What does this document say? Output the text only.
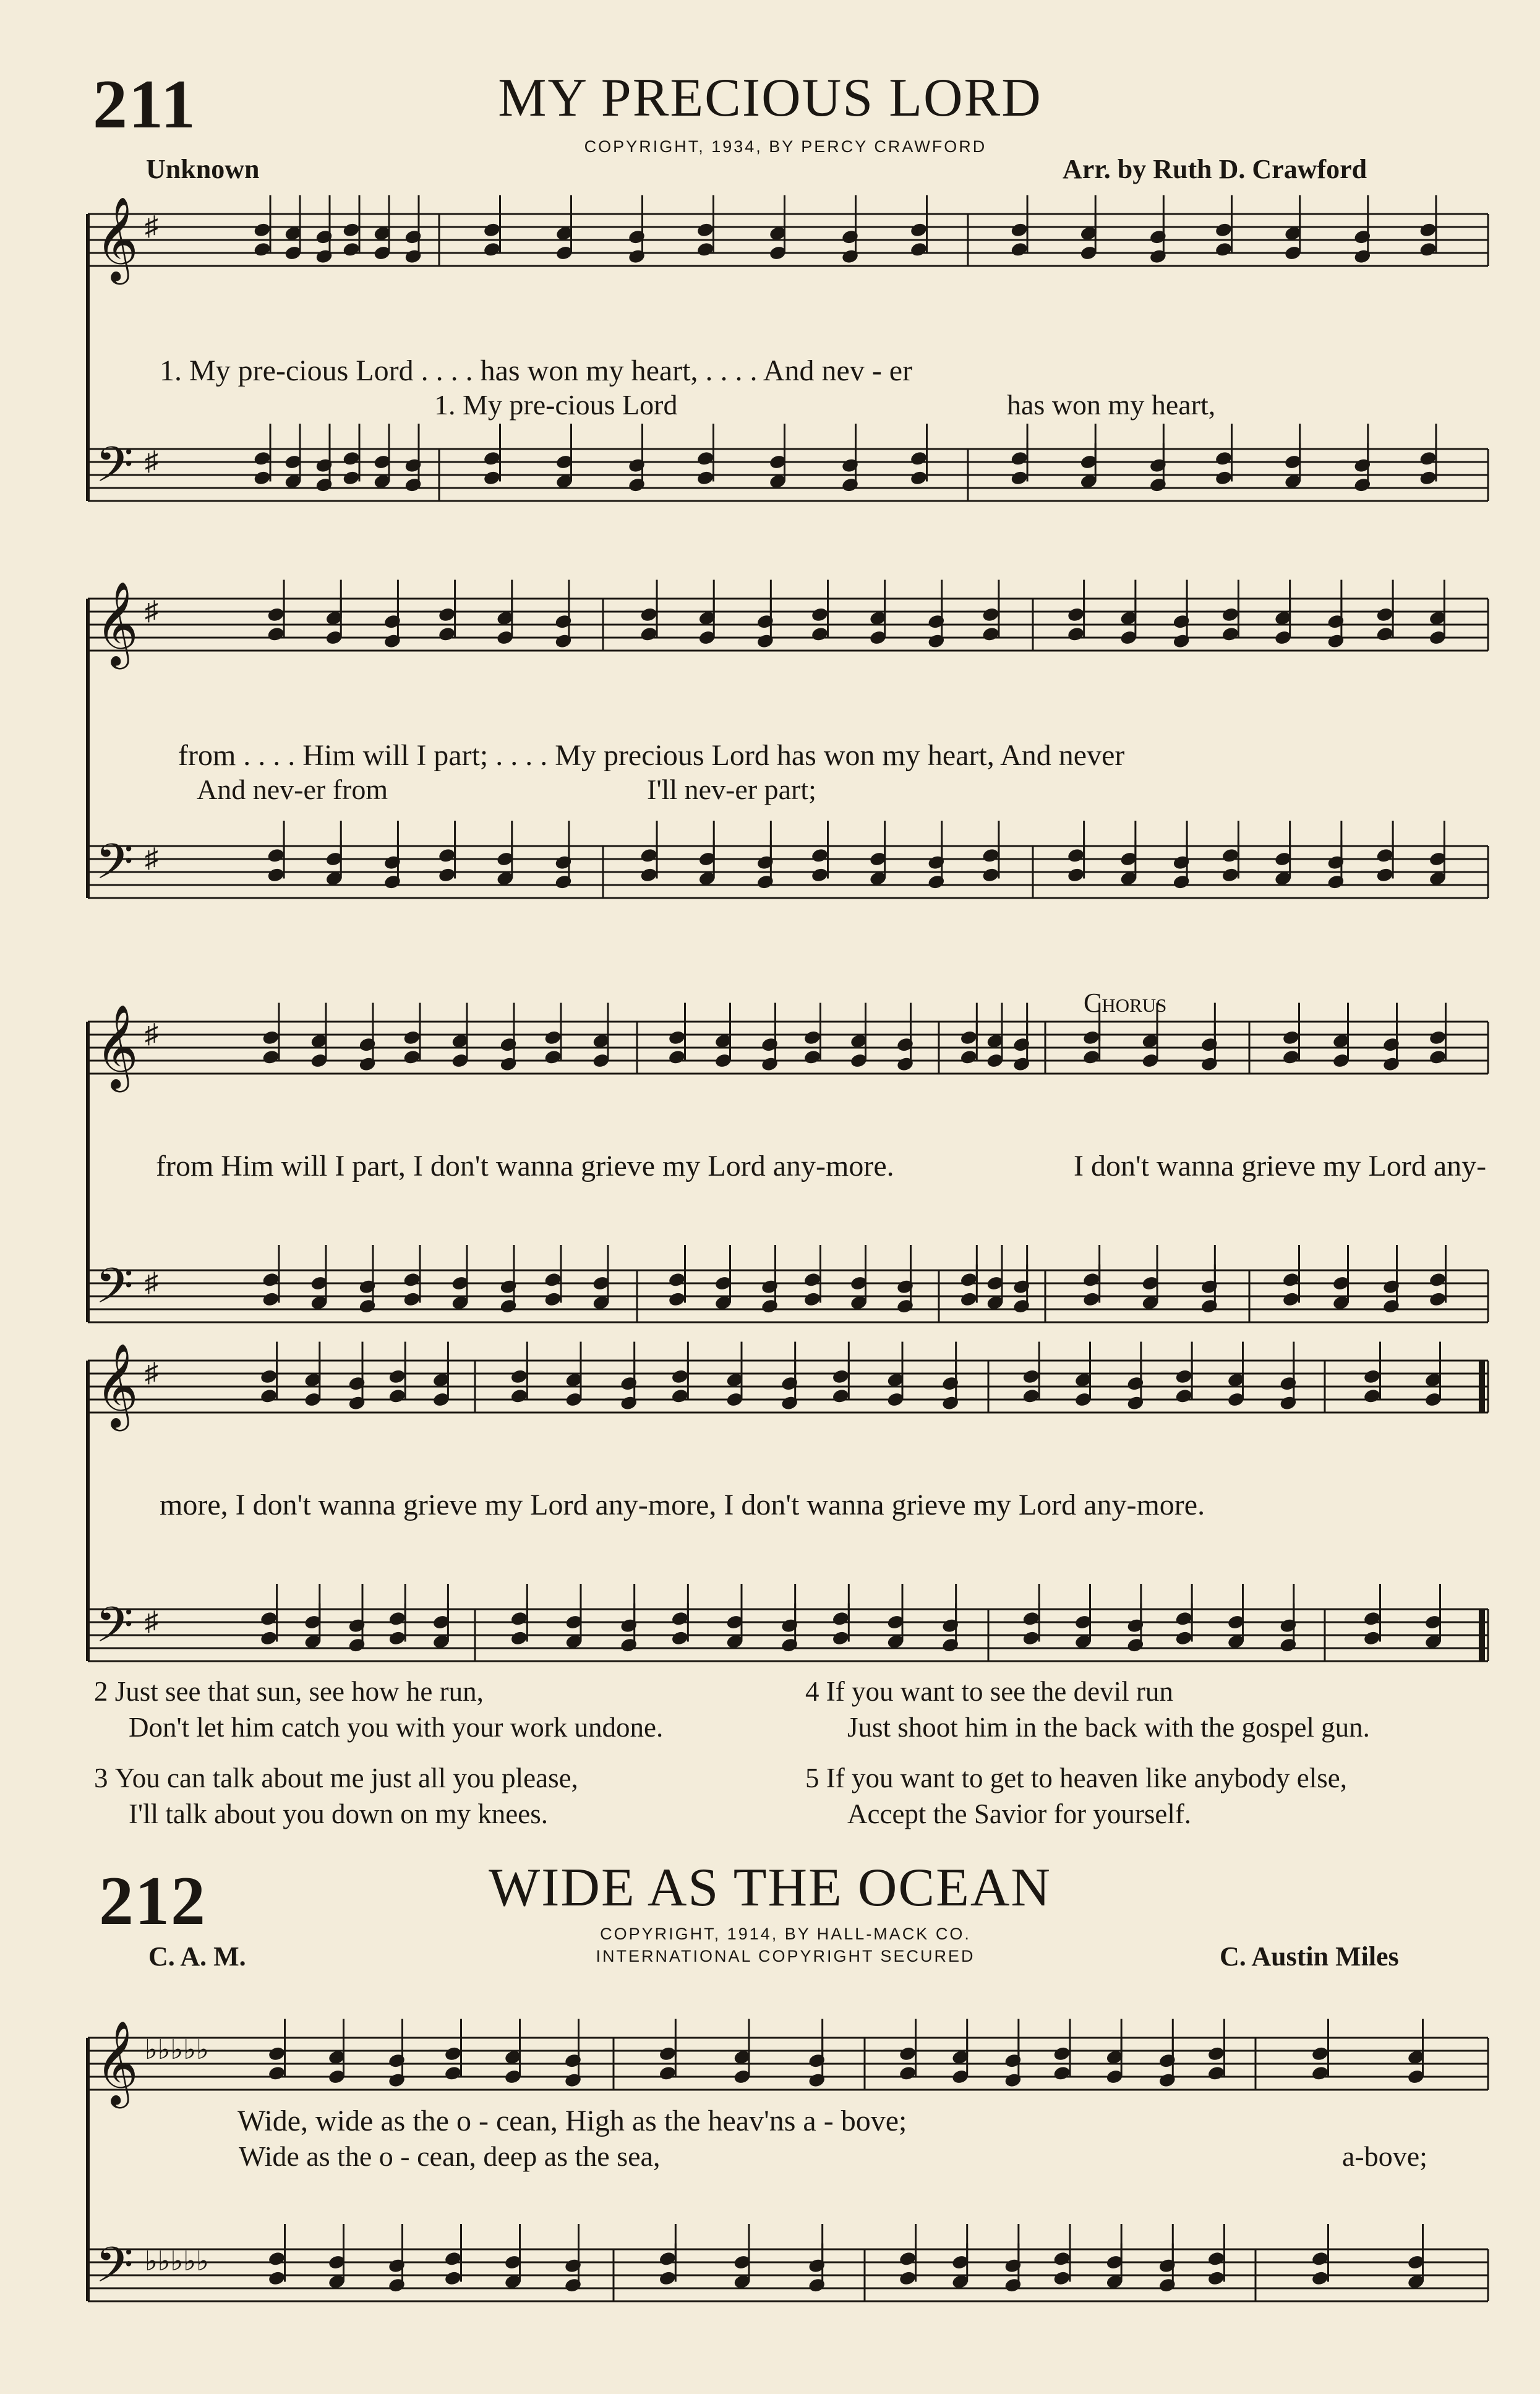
211	MY PRECIOUS LORD
COPYRIGHT, 1934, BY PERCY CRAWFORD
Unknown	Arr. by Ruth D. Crawford
𝄞 ♯
𝄢 ♯
𝄞 ♯
𝄢 ♯
𝄞 ♯
𝄢 ♯
𝄞 ♯
𝄢 ♯
𝄞 ♭♭♭♭♭
𝄢 ♭♭♭♭♭
1. My pre-cious Lord . . . . has won my heart, . . . . And nev - er
1. My pre-cious Lord	has won my heart,
from . . . . Him will I part; . . . . My precious Lord has won my heart, And never
And nev-er from	I'll nev-er part;
Chorus
from Him will I part, I don't wanna grieve my Lord any-more.	I don't wanna grieve my Lord any-
more, I don't wanna grieve my Lord any-more, I don't wanna grieve my Lord any-more.
2 Just see that sun, see how he run,
Don't let him catch you with your work undone.
3 You can talk about me just all you please,
I'll talk about you down on my knees.
4 If you want to see the devil run
Just shoot him in the back with the gospel gun.
5 If you want to get to heaven like anybody else,
Accept the Savior for yourself.
212	WIDE AS THE OCEAN
COPYRIGHT, 1914, BY HALL-MACK CO.
INTERNATIONAL COPYRIGHT SECURED
C. A. M.	C. Austin Miles
Wide, wide as the o - cean, High as the heav'ns a - bove;
Wide as the o - cean, deep as the sea,	a-bove;
